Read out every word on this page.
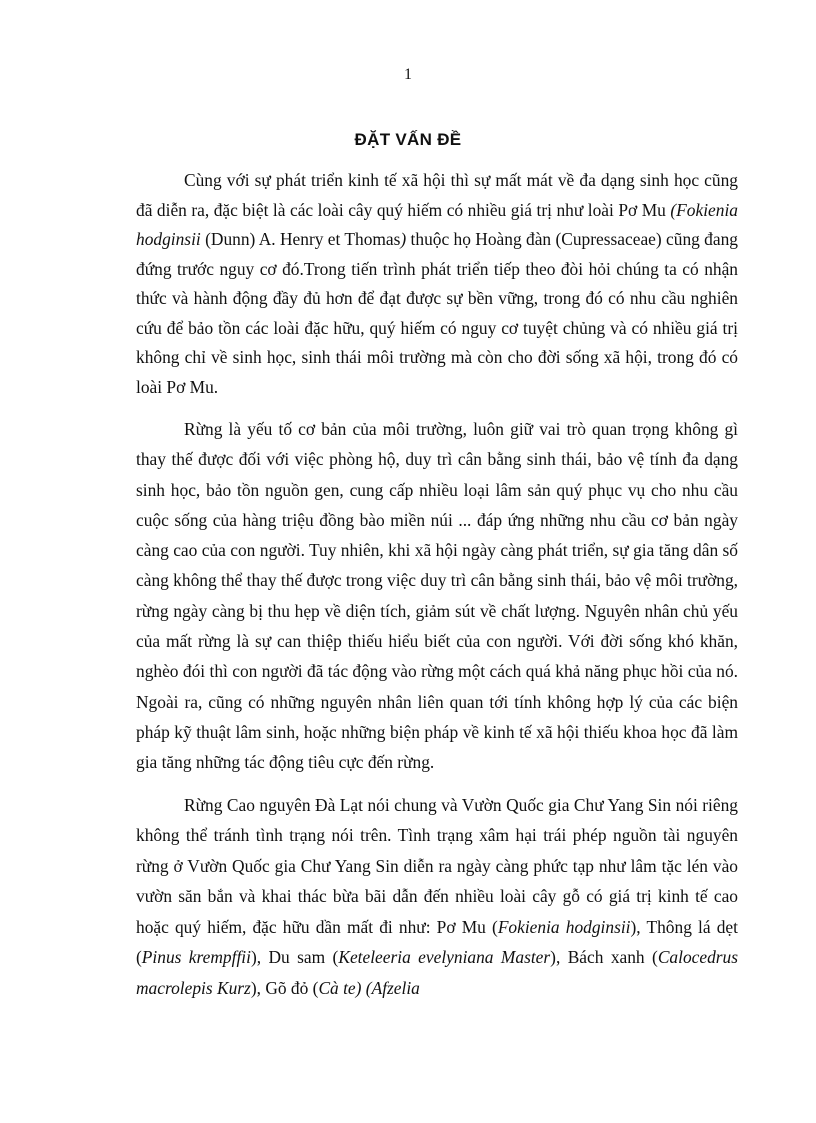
1
ĐẶT VẤN ĐỀ

Cùng với sự phát triển kinh tế xã hội thì sự mất mát về đa dạng sinh học cũng đã diễn ra, đặc biệt là các loài cây quý hiếm có nhiều giá trị như loài Pơ Mu (Fokienia hodginsii (Dunn) A. Henry et Thomas) thuộc họ Hoàng đàn (Cupressaceae) cũng đang đứng trước nguy cơ đó.Trong tiến trình phát triển tiếp theo đòi hỏi chúng ta có nhận thức và hành động đầy đủ hơn để đạt được sự bền vững, trong đó có nhu cầu nghiên cứu để bảo tồn các loài đặc hữu, quý hiếm có nguy cơ tuyệt chủng và có nhiều giá trị không chỉ về sinh học, sinh thái môi trường mà còn cho đời sống xã hội, trong đó có loài Pơ Mu.

Rừng là yếu tố cơ bản của môi trường, luôn giữ vai trò quan trọng không gì thay thế được đối với việc phòng hộ, duy trì cân bằng sinh thái, bảo vệ tính đa dạng sinh học, bảo tồn nguồn gen, cung cấp nhiều loại lâm sản quý phục vụ cho nhu cầu cuộc sống của hàng triệu đồng bào miền núi ... đáp ứng những nhu cầu cơ bản ngày càng cao của con người. Tuy nhiên, khi xã hội ngày càng phát triển, sự gia tăng dân số càng không thể thay thế được trong việc duy trì cân bằng sinh thái, bảo vệ môi trường, rừng ngày càng bị thu hẹp về diện tích, giảm sút về chất lượng. Nguyên nhân chủ yếu của mất rừng là sự can thiệp thiếu hiểu biết của con người. Với đời sống khó khăn, nghèo đói thì con người đã tác động vào rừng một cách quá khả năng phục hồi của nó. Ngoài ra, cũng có những nguyên nhân liên quan tới tính không hợp lý của các biện pháp kỹ thuật lâm sinh, hoặc những biện pháp về kinh tế xã hội thiếu khoa học đã làm gia tăng những tác động tiêu cực đến rừng.

Rừng Cao nguyên Đà Lạt nói chung và Vườn Quốc gia Chư Yang Sin nói riêng không thể tránh tình trạng nói trên. Tình trạng xâm hại trái phép nguồn tài nguyên rừng ở Vườn Quốc gia Chư Yang Sin diễn ra ngày càng phức tạp như lâm tặc lén vào vườn săn bắn và khai thác bừa bãi dẫn đến nhiều loài cây gỗ có giá trị kinh tế cao hoặc quý hiếm, đặc hữu dần mất đi như: Pơ Mu (Fokienia hodginsii), Thông lá dẹt (Pinus krempffii), Du sam (Keteleeria evelyniana Master), Bách xanh (Calocedrus macrolepis Kurz), Gõ đỏ (Cà te) (Afzelia
